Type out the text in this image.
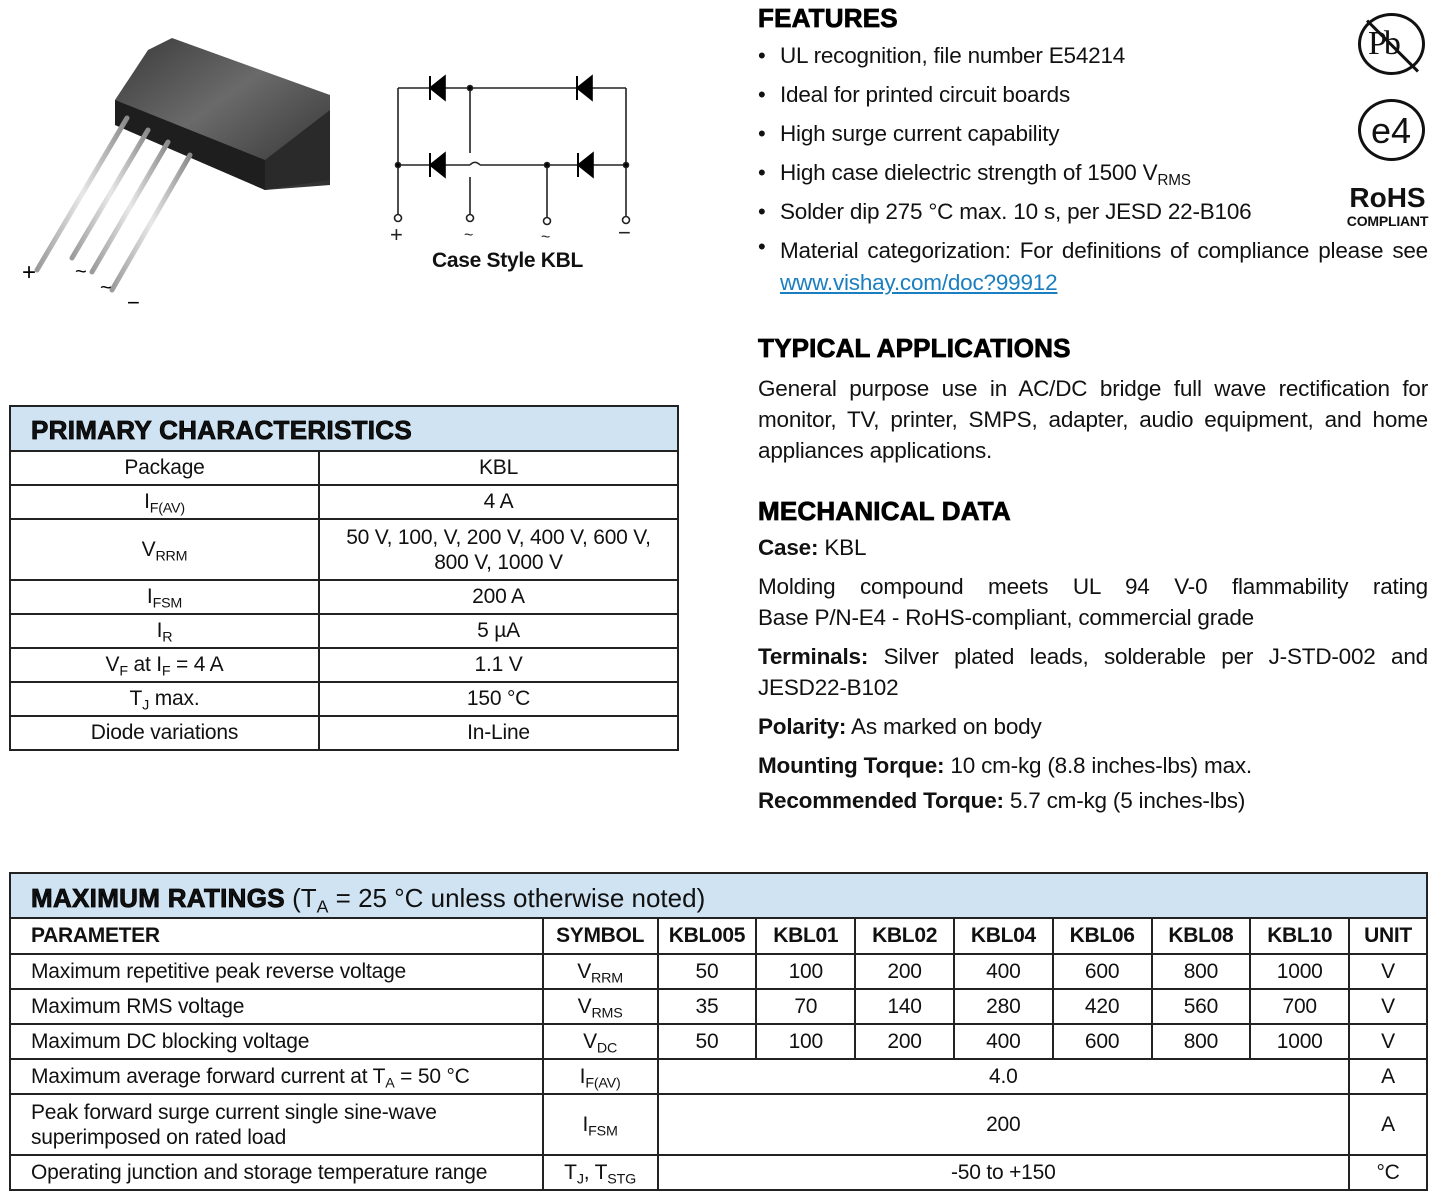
+ ~
~
−
+	~	~	−
Case Style KBL
FEATURES
• UL recognition, file number E54214
• Ideal for printed circuit boards
• High surge current capability
• High case dielectric strength of 1500 $V_{RMS}$
• Solder dip 275 °C max. 10 s, per JESD 22-B106
• Material categorization: For definitions of compliance please see www.vishay.com/doc?99912
Pb
e4
RoHS
COMPLIANT
TYPICAL APPLICATIONS

General purpose use in AC/DC bridge full wave rectification for monitor, TV, printer, SMPS, adapter, audio equipment, and home appliances applications.

MECHANICAL DATA
Case: KBL
Molding compound meets UL 94 V-0 flammability rating
Base P/N-E4 - RoHS-compliant, commercial grade
Terminals: Silver plated leads, solderable per J-STD-002 and JESD22-B102
Polarity: As marked on body
Mounting Torque: 10 cm-kg (8.8 inches-lbs) max.
Recommended Torque: 5.7 cm-kg (5 inches-lbs)
PRIMARY CHARACTERISTICS	
Package	KBL
$I_{F(AV)}$	4 A
$V_{RRM}$	50 V, 100, V, 200 V, 400 V, 600 V, 800 V, 1000 V
$I_{FSM}$	200 A
$I_R$	5 µA
$V_F$ at $I_F = 4$ A	1.1 V
$T_J$ max.	150 °C
Diode variations	In-Line
MAXIMUM RATINGS ($T_A = 25$ °C unless otherwise noted)									
PARAMETER	SYMBOL	KBL005	KBL01	KBL02	KBL04	KBL06	KBL08	KBL10	UNIT
Maximum repetitive peak reverse voltage	$V_{RRM}$	50	100	200	400	600	800	1000	V
Maximum RMS voltage	$V_{RMS}$	35	70	140	280	420	560	700	V
Maximum DC blocking voltage	$V_{DC}$	50	100	200	400	600	800	1000	V
Maximum average forward current at $T_A = 50$ °C	$I_{F(AV)}$	4.0							A

Peak forward surge current single sine-wave superimposed on rated load	$I_{FSM}$	200							A
Operating junction and storage temperature range	$T_J$, $T_{STG}$	-50 to +150							°C
